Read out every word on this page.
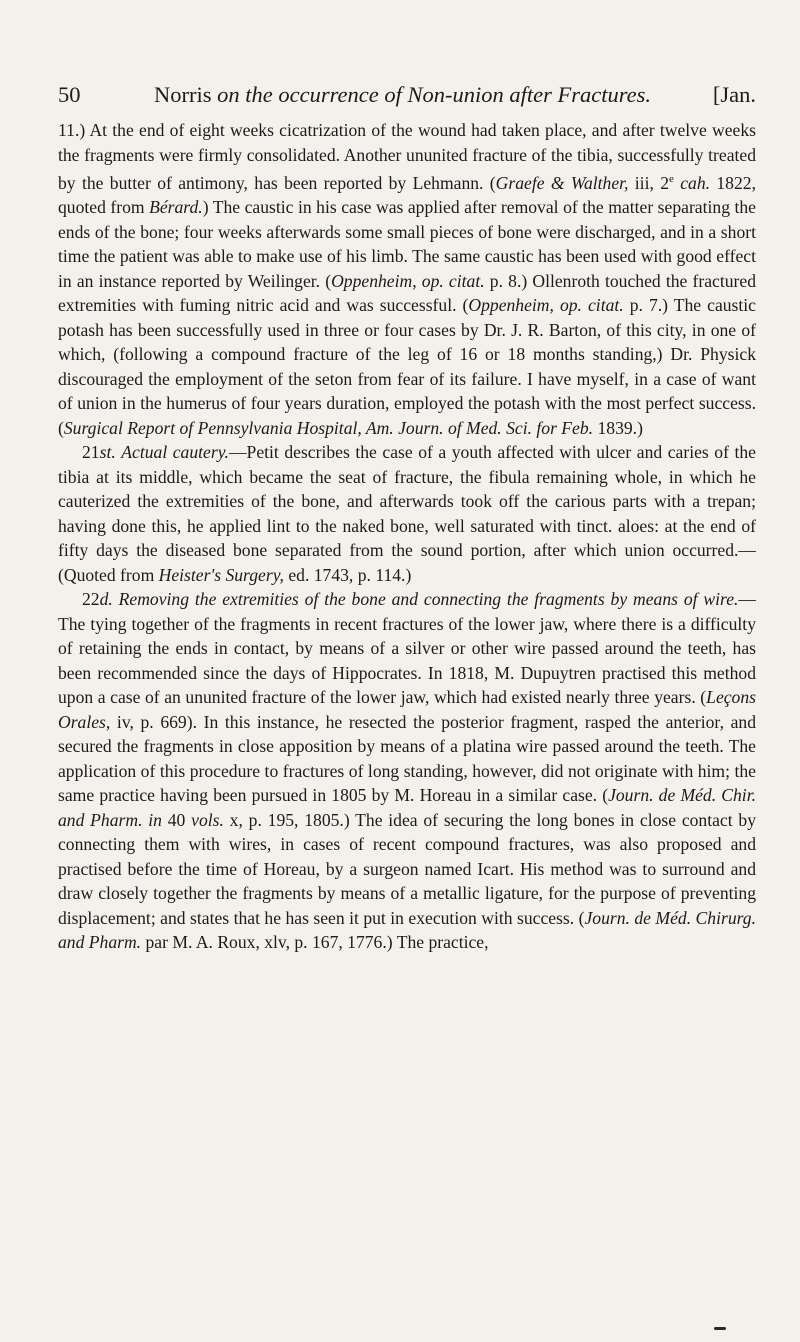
50	Norris on the occurrence of Non-union after Fractures.	[Jan.

11.) At the end of eight weeks cicatrization of the wound had taken place, and after twelve weeks the fragments were firmly consolidated. Another ununited fracture of the tibia, successfully treated by the butter of antimony, has been reported by Lehmann. (Graefe & Walther, iii, 2e cah. 1822, quoted from Bérard.) The caustic in his case was applied after removal of the matter separating the ends of the bone; four weeks afterwards some small pieces of bone were discharged, and in a short time the patient was able to make use of his limb. The same caustic has been used with good effect in an instance reported by Weilinger. (Oppenheim, op. citat. p. 8.) Ollenroth touched the fractured extremities with fuming nitric acid and was successful. (Oppenheim, op. citat. p. 7.) The caustic potash has been successfully used in three or four cases by Dr. J. R. Barton, of this city, in one of which, (following a compound fracture of the leg of 16 or 18 months standing,) Dr. Physick discouraged the employment of the seton from fear of its failure. I have myself, in a case of want of union in the humerus of four years duration, employed the potash with the most perfect success. (Surgical Report of Pennsylvania Hospital, Am. Journ. of Med. Sci. for Feb. 1839.)

21st. Actual cautery.—Petit describes the case of a youth affected with ulcer and caries of the tibia at its middle, which became the seat of fracture, the fibula remaining whole, in which he cauterized the extremities of the bone, and afterwards took off the carious parts with a trepan; having done this, he applied lint to the naked bone, well saturated with tinct. aloes: at the end of fifty days the diseased bone separated from the sound portion, after which union occurred.—(Quoted from Heister's Surgery, ed. 1743, p. 114.)

22d. Removing the extremities of the bone and connecting the fragments by means of wire.—The tying together of the fragments in recent fractures of the lower jaw, where there is a difficulty of retaining the ends in contact, by means of a silver or other wire passed around the teeth, has been recommended since the days of Hippocrates. In 1818, M. Dupuytren practised this method upon a case of an ununited fracture of the lower jaw, which had existed nearly three years. (Leçons Orales, iv, p. 669). In this instance, he resected the posterior fragment, rasped the anterior, and secured the fragments in close apposition by means of a platina wire passed around the teeth. The application of this procedure to fractures of long standing, however, did not originate with him; the same practice having been pursued in 1805 by M. Horeau in a similar case. (Journ. de Méd. Chir. and Pharm. in 40 vols. x, p. 195, 1805.) The idea of securing the long bones in close contact by connecting them with wires, in cases of recent compound fractures, was also proposed and practised before the time of Horeau, by a surgeon named Icart. His method was to surround and draw closely together the fragments by means of a metallic ligature, for the purpose of preventing displacement; and states that he has seen it put in execution with success. (Journ. de Méd. Chirurg. and Pharm. par M. A. Roux, xlv, p. 167, 1776.) The practice,
